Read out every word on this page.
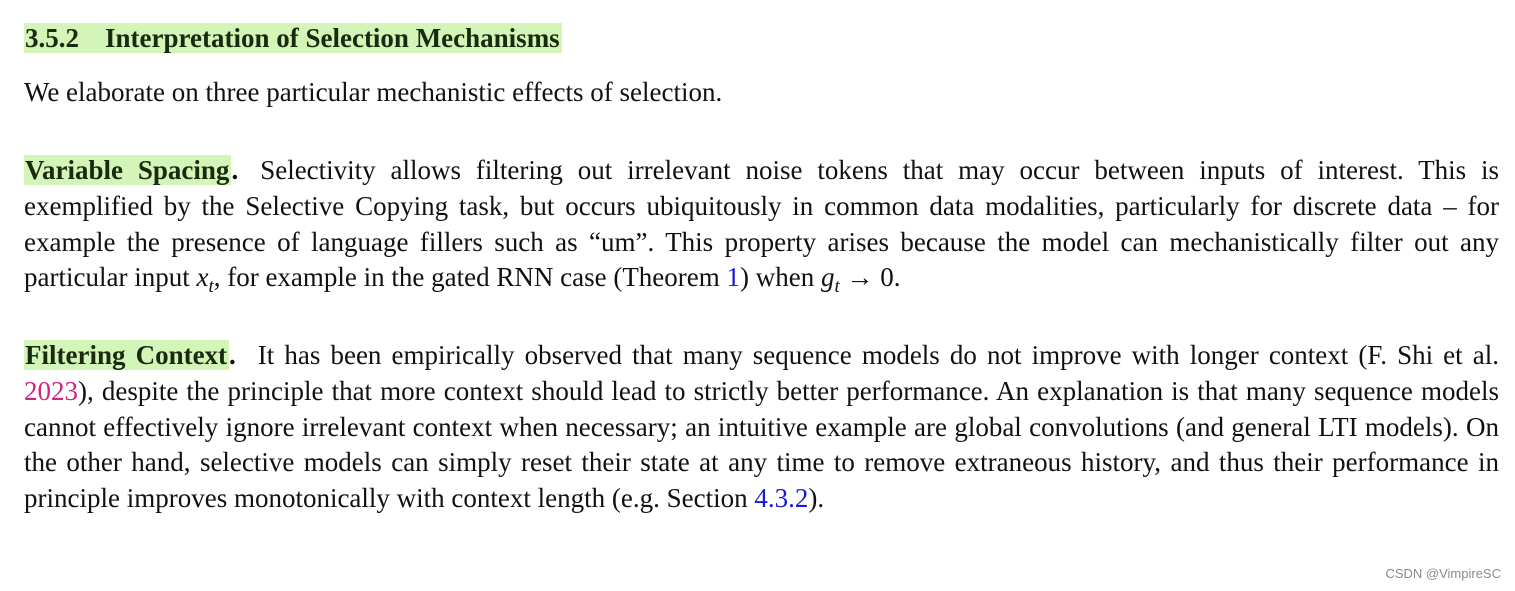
3.5.2 Interpretation of Selection Mechanisms

We elaborate on three particular mechanistic effects of selection.

Variable Spacing. Selectivity allows filtering out irrelevant noise tokens that may occur between inputs of interest. This is exemplified by the Selective Copying task, but occurs ubiquitously in common data modalities, particularly for discrete data – for example the presence of language fillers such as “um”. This property arises because the model can mechanistically filter out any particular input $x_t$, for example in the gated RNN case (Theorem 1) when $g_t \to 0$.

Filtering Context. It has been empirically observed that many sequence models do not improve with longer context (F. Shi et al. 2023), despite the principle that more context should lead to strictly better performance. An explanation is that many sequence models cannot effectively ignore irrelevant context when necessary; an intuitive example are global convolutions (and general LTI models). On the other hand, selective models can simply reset their state at any time to remove extraneous history, and thus their performance in principle improves monotonically with context length (e.g. Section 4.3.2).

CSDN @VimpireSC
